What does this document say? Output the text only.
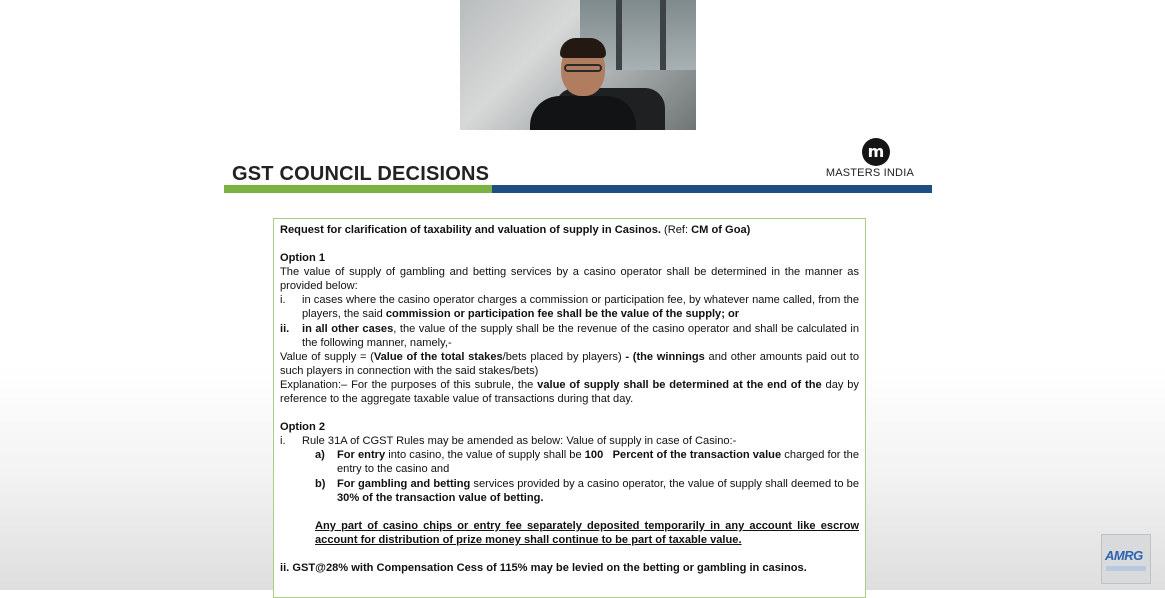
GST COUNCIL DECISIONS
m
MASTERS INDIA

Request for clarification of taxability and valuation of supply in Casinos. (Ref: CM of Goa)

Option 1

The value of supply of gambling and betting services by a casino operator shall be determined in the manner as provided below:

i.	in cases where the casino operator charges a commission or participation fee, by whatever name called, from the players, the said commission or participation fee shall be the value of the supply; or
ii.	in all other cases, the value of the supply shall be the revenue of the casino operator and shall be calculated in the following manner, namely,-

Value of supply = (Value of the total stakes/bets placed by players) - (the winnings and other amounts paid out to such players in connection with the said stakes/bets)

Explanation:– For the purposes of this subrule, the value of supply shall be determined at the end of the day by reference to the aggregate taxable value of transactions during that day.

Option 2

i.	Rule 31A of CGST Rules may be amended as below: Value of supply in case of Casino:-
a)	For entry into casino, the value of supply shall be 100   Percent of the transaction value charged for the entry to the casino and
b)	For gambling and betting services provided by a casino operator, the value of supply shall deemed to be 30% of the transaction value of betting.

Any part of casino chips or entry fee separately deposited temporarily in any account like escrow account for distribution of prize money shall continue to be part of taxable value.

ii. GST@28% with Compensation Cess of 115% may be levied on the betting or gambling in casinos.

AMRG
